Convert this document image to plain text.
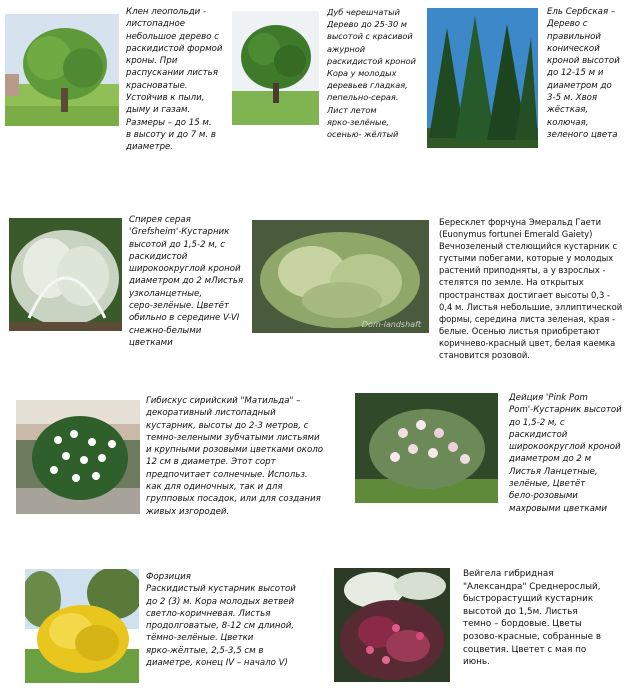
Клен леопольди -
листопадное
небольшое дерево с
раскидистой формой
кроны. При
распускании листья
красноватые.
Устойчив к пыли,
дыму и газам.
Размеры – до 15 м.
в высоту и до 7 м. в
диаметре.
Дуб черешчатый
Дерево до 25-30 м
высотой с красивой
ажурной
раскидистой кроной
Кора у молодых
деревьев гладкая,
пепельно-серая.
Лист летом
ярко-зелёные,
осенью- жёлтый
Ель Сербская –
Дерево с
правильной
конической
кроной высотой
до 12-15 м и
диаметром до
3-5 м. Хвоя
жёсткая,
колючая,
зеленого цвета
Спирея серая
'Grefsheim'-Кустарник
высотой до 1,5-2 м, с
раскидистой
широкоокруглой кроной
диаметром до 2 мЛистья
узколанцетные,
серо-зелёные. Цветёт
обильно в середине V-VI
снежно-белыми цветками
Dom-landshaft
Бересклет форчуна Эмеральд Гаети
(Euonymus fortunei Emerald Gaiety)
Вечнозеленый стелющийся кустарник с
густыми побегами, которые у молодых
растений приподняты, а у взрослых -
стелятся по земле. На открытых
пространствах достигает высоты 0,3 -
0,4 м. Листья небольшие, эллиптической
формы, середина листа зеленая, края -
белые. Осенью листья приобретают
коричнево-красный цвет, белая каемка
становится розовой.
Гибискус сирийский "Матильда" –
декоративный листопадный
кустарник, высоты до 2-3 метров, с
темно-зелеными зубчатыми листьями
и крупными розовыми цветками около
12 см в диаметре. Этот сорт
предпочитает солнечные. Использ.
как для одиночных, так и для
групповых посадок, или для создания
живых изгородей.
Дейция 'Pink Pom
Pom'-Кустарник высотой
до 1,5-2 м, с
раскидистой
широкоокруглой кроной
диаметром до 2 м
Листья Ланцетные,
зелёные, Цветёт
бело-розовыми
махровыми цветками
Форзиция
Раскидистый кустарник высотой
до 2 (3) м. Кора молодых ветвей
светло-коричневая. Листья
продолговатые, 8-12 см длиной,
тёмно-зелёные. Цветки
ярко-жёлтые, 2,5-3,5 см в
диаметре, конец IV – начало V)
Вейгела гибридная
"Александра" Среднерослый,
быстрорастущий кустарник
высотой до 1,5м. Листья
темно – бордовые. Цветы
розово-красные, собранные в
соцветия. Цветет с мая по
июнь.
